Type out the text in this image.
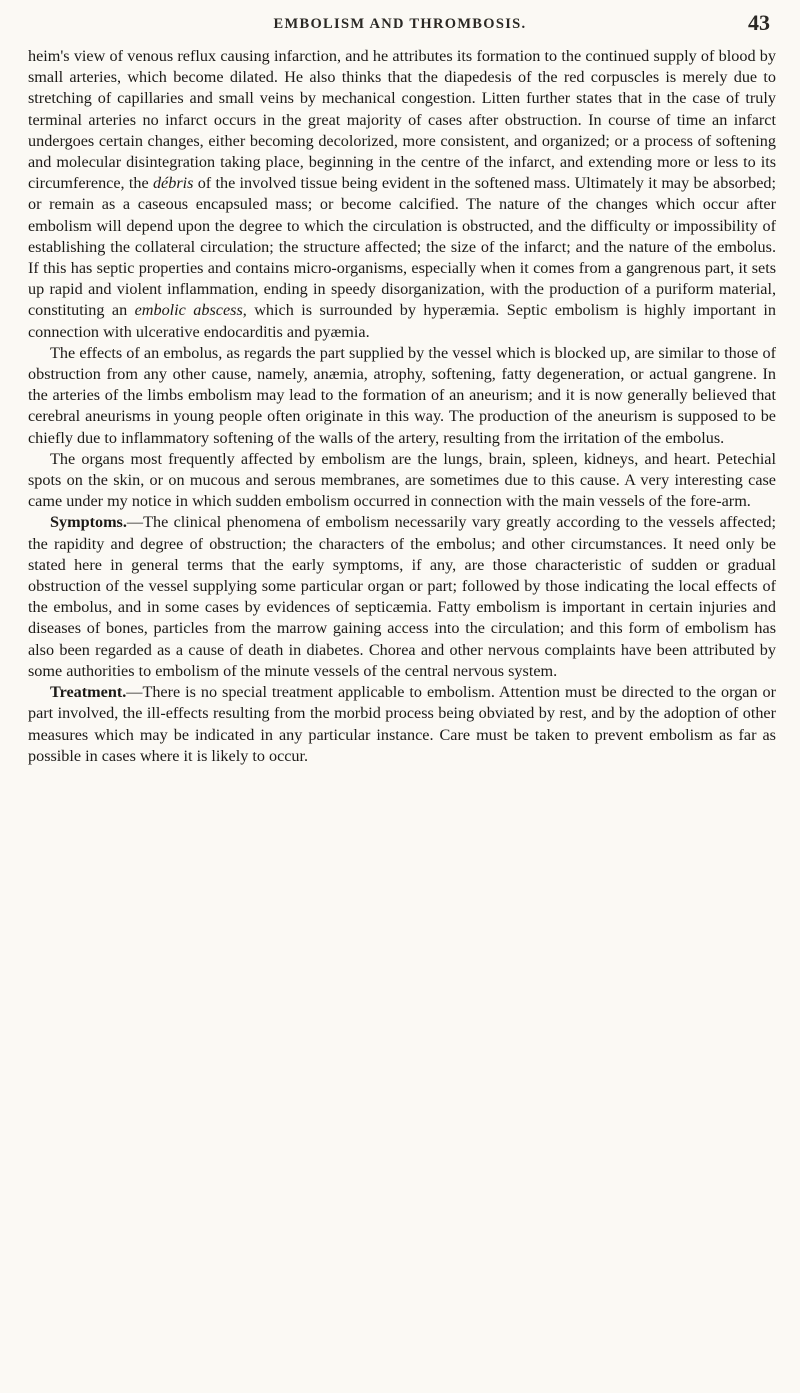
EMBOLISM AND THROMBOSIS.	43

heim's view of venous reflux causing infarction, and he attributes its formation to the continued supply of blood by small arteries, which become dilated. He also thinks that the diapedesis of the red corpuscles is merely due to stretching of capillaries and small veins by mechanical congestion. Litten further states that in the case of truly terminal arteries no infarct occurs in the great majority of cases after obstruction. In course of time an infarct undergoes certain changes, either becoming decolorized, more consistent, and organized; or a process of softening and molecular disintegration taking place, beginning in the centre of the infarct, and extending more or less to its circumference, the débris of the involved tissue being evident in the softened mass. Ultimately it may be absorbed; or remain as a caseous encapsuled mass; or become calcified. The nature of the changes which occur after embolism will depend upon the degree to which the circulation is obstructed, and the difficulty or impossibility of establishing the collateral circulation; the structure affected; the size of the infarct; and the nature of the embolus. If this has septic properties and contains micro-organisms, especially when it comes from a gangrenous part, it sets up rapid and violent inflammation, ending in speedy disorganization, with the production of a puriform material, constituting an embolic abscess, which is surrounded by hyperæmia. Septic embolism is highly important in connection with ulcerative endocarditis and pyæmia.

The effects of an embolus, as regards the part supplied by the vessel which is blocked up, are similar to those of obstruction from any other cause, namely, anæmia, atrophy, softening, fatty degeneration, or actual gangrene. In the arteries of the limbs embolism may lead to the formation of an aneurism; and it is now generally believed that cerebral aneurisms in young people often originate in this way. The production of the aneurism is supposed to be chiefly due to inflammatory softening of the walls of the artery, resulting from the irritation of the embolus.

The organs most frequently affected by embolism are the lungs, brain, spleen, kidneys, and heart. Petechial spots on the skin, or on mucous and serous membranes, are sometimes due to this cause. A very interesting case came under my notice in which sudden embolism occurred in connection with the main vessels of the fore-arm.

Symptoms.—The clinical phenomena of embolism necessarily vary greatly according to the vessels affected; the rapidity and degree of obstruction; the characters of the embolus; and other circumstances. It need only be stated here in general terms that the early symptoms, if any, are those characteristic of sudden or gradual obstruction of the vessel supplying some particular organ or part; followed by those indicating the local effects of the embolus, and in some cases by evidences of septicæmia. Fatty embolism is important in certain injuries and diseases of bones, particles from the marrow gaining access into the circulation; and this form of embolism has also been regarded as a cause of death in diabetes. Chorea and other nervous complaints have been attributed by some authorities to embolism of the minute vessels of the central nervous system.

Treatment.—There is no special treatment applicable to embolism. Attention must be directed to the organ or part involved, the ill-effects resulting from the morbid process being obviated by rest, and by the adoption of other measures which may be indicated in any particular instance. Care must be taken to prevent embolism as far as possible in cases where it is likely to occur.
